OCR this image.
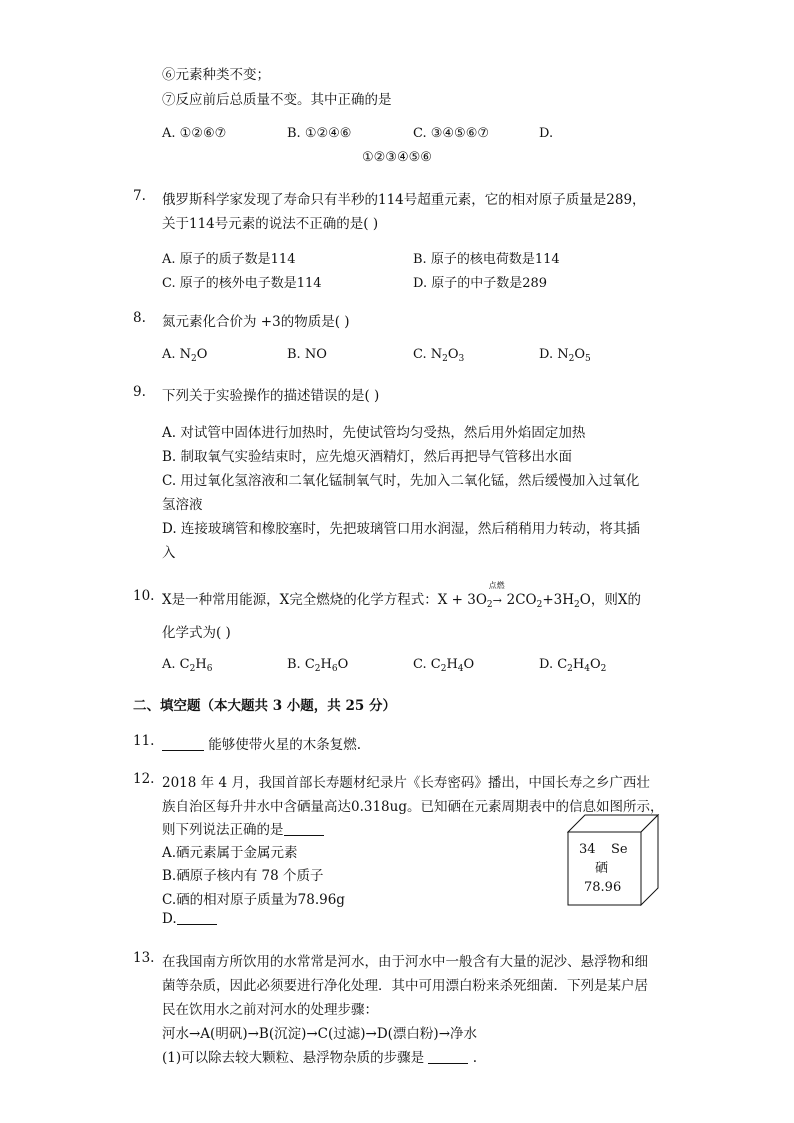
⑥元素种类不变；
⑦反应前后总质量不变。其中正确的是
A. ①②⑥⑦	B. ①②④⑥	C. ③④⑤⑥⑦	D.
①②③④⑤⑥
7. 俄罗斯科学家发现了寿命只有半秒的114号超重元素，它的相对原子质量是289，
关于114号元素的说法不正确的是( )
A. 原子的质子数是114	B. 原子的核电荷数是114
C. 原子的核外电子数是114	D. 原子的中子数是289
8. 氮元素化合价为 +3的物质是( )
A. $N_2O$	B. NO	C. $N_2O_3$	D. $N_2O_5$
9. 下列关于实验操作的描述错误的是( )
A. 对试管中固体进行加热时，先使试管均匀受热，然后用外焰固定加热
B. 制取氧气实验结束时，应先熄灭酒精灯，然后再把导气管移出水面
C. 用过氧化氢溶液和二氧化锰制氧气时，先加入二氧化锰，然后缓慢加入过氧化
氢溶液
D. 连接玻璃管和橡胶塞时，先把玻璃管口用水润湿，然后稍稍用力转动，将其插
入
10. X是一种常用能源，X完全燃烧的化学方程式：$X + 3O_2$
点燃
→ $2CO_2+3H_2O$，则X的
化学式为( )
A. $C_2H_6$	B. $C_2H_6O$	C. $C_2H_4O$	D. $C_2H_4O_2$
二、填空题（本大题共 3 小题，共 25 分）
11.	能够使带火星的木条复燃.
12. 2018 年 4 月，我国首部长寿题材纪录片《长寿密码》播出，中国长寿之乡广西壮
族自治区每升井水中含硒量高达0.318ug。已知硒在元素周期表中的信息如图所示，
则下列说法正确的是
A.硒元素属于金属元素
B.硒原子核内有 78 个质子
C.硒的相对原子质量为78.96g
D.
34 Se
硒
78.96
13. 在我国南方所饮用的水常常是河水，由于河水中一般含有大量的泥沙、悬浮物和细
菌等杂质，因此必须要进行净化处理．其中可用漂白粉来杀死细菌．下列是某户居
民在饮用水之前对河水的处理步骤：
河水→A(明矾)→B(沉淀)→C(过滤)→D(漂白粉)→净水
(1)可以除去较大颗粒、悬浮物杂质的步骤是	.
